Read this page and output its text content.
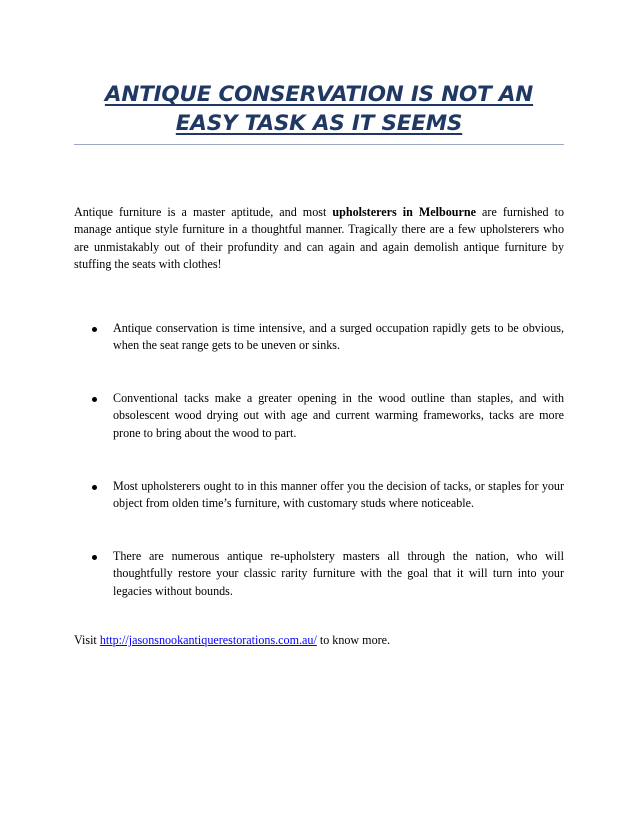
ANTIQUE CONSERVATION IS NOT AN
EASY TASK AS IT SEEMS

Antique furniture is a master aptitude, and most upholsterers in Melbourne are furnished to manage antique style furniture in a thoughtful manner. Tragically there are a few upholsterers who are unmistakably out of their profundity and can again and again demolish antique furniture by stuffing the seats with clothes!

Antique conservation is time intensive, and a surged occupation rapidly gets to be obvious, when the seat range gets to be uneven or sinks.

Conventional tacks make a greater opening in the wood outline than staples, and with obsolescent wood drying out with age and current warming frameworks, tacks are more prone to bring about the wood to part.

Most upholsterers ought to in this manner offer you the decision of tacks, or staples for your object from olden time’s furniture, with customary studs where noticeable.

There are numerous antique re-upholstery masters all through the nation, who will thoughtfully restore your classic rarity furniture with the goal that it will turn into your legacies without bounds.

Visit http://jasonsnookantiquerestorations.com.au/ to know more.
